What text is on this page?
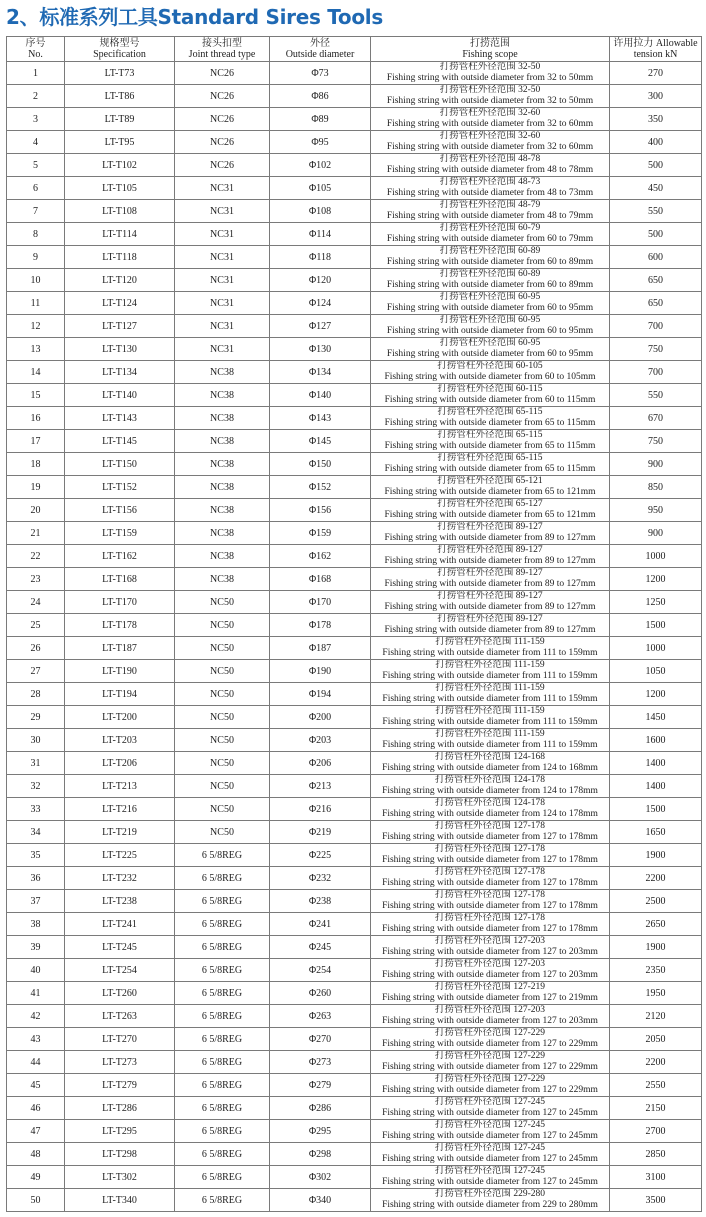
2、标准系列工具Standard Sires Tools
序号
No.	规格型号
Specification	接头扣型
Joint thread type	外径
Outside diameter	打捞范围
Fishing scope	许用拉力 Allowable
tension kN

1	LT-T73	NC26	Φ73	打捞管柱外径范围 32-50
Fishing string with outside diameter from 32 to 50mm	270
2	LT-T86	NC26	Φ86	打捞管柱外径范围 32-50
Fishing string with outside diameter from 32 to 50mm	300
3	LT-T89	NC26	Φ89	打捞管柱外径范围 32-60
Fishing string with outside diameter from 32 to 60mm	350
4	LT-T95	NC26	Φ95	打捞管柱外径范围 32-60
Fishing string with outside diameter from 32 to 60mm	400
5	LT-T102	NC26	Φ102	打捞管柱外径范围 48-78
Fishing string with outside diameter from 48 to 78mm	500
6	LT-T105	NC31	Φ105	打捞管柱外径范围 48-73
Fishing string with outside diameter from 48 to 73mm	450
7	LT-T108	NC31	Φ108	打捞管柱外径范围 48-79
Fishing string with outside diameter from 48 to 79mm	550
8	LT-T114	NC31	Φ114	打捞管柱外径范围 60-79
Fishing string with outside diameter from 60 to 79mm	500
9	LT-T118	NC31	Φ118	打捞管柱外径范围 60-89
Fishing string with outside diameter from 60 to 89mm	600
10	LT-T120	NC31	Φ120	打捞管柱外径范围 60-89
Fishing string with outside diameter from 60 to 89mm	650
11	LT-T124	NC31	Φ124	打捞管柱外径范围 60-95
Fishing string with outside diameter from 60 to 95mm	650
12	LT-T127	NC31	Φ127	打捞管柱外径范围 60-95
Fishing string with outside diameter from 60 to 95mm	700
13	LT-T130	NC31	Φ130	打捞管柱外径范围 60-95
Fishing string with outside diameter from 60 to 95mm	750
14	LT-T134	NC38	Φ134	打捞管柱外径范围 60-105
Fishing string with outside diameter from 60 to 105mm	700
15	LT-T140	NC38	Φ140	打捞管柱外径范围 60-115
Fishing string with outside diameter from 60 to 115mm	550
16	LT-T143	NC38	Φ143	打捞管柱外径范围 65-115
Fishing string with outside diameter from 65 to 115mm	670
17	LT-T145	NC38	Φ145	打捞管柱外径范围 65-115
Fishing string with outside diameter from 65 to 115mm	750
18	LT-T150	NC38	Φ150	打捞管柱外径范围 65-115
Fishing string with outside diameter from 65 to 115mm	900
19	LT-T152	NC38	Φ152	打捞管柱外径范围 65-121
Fishing string with outside diameter from 65 to 121mm	850
20	LT-T156	NC38	Φ156	打捞管柱外径范围 65-127
Fishing string with outside diameter from 65 to 121mm	950
21	LT-T159	NC38	Φ159	打捞管柱外径范围 89-127
Fishing string with outside diameter from 89 to 127mm	900
22	LT-T162	NC38	Φ162	打捞管柱外径范围 89-127
Fishing string with outside diameter from 89 to 127mm	1000
23	LT-T168	NC38	Φ168	打捞管柱外径范围 89-127
Fishing string with outside diameter from 89 to 127mm	1200
24	LT-T170	NC50	Φ170	打捞管柱外径范围 89-127
Fishing string with outside diameter from 89 to 127mm	1250
25	LT-T178	NC50	Φ178	打捞管柱外径范围 89-127
Fishing string with outside diameter from 89 to 127mm	1500
26	LT-T187	NC50	Φ187	打捞管柱外径范围 111-159
Fishing string with outside diameter from 111 to 159mm	1000
27	LT-T190	NC50	Φ190	打捞管柱外径范围 111-159
Fishing string with outside diameter from 111 to 159mm	1050
28	LT-T194	NC50	Φ194	打捞管柱外径范围 111-159
Fishing string with outside diameter from 111 to 159mm	1200
29	LT-T200	NC50	Φ200	打捞管柱外径范围 111-159
Fishing string with outside diameter from 111 to 159mm	1450
30	LT-T203	NC50	Φ203	打捞管柱外径范围 111-159
Fishing string with outside diameter from 111 to 159mm	1600
31	LT-T206	NC50	Φ206	打捞管柱外径范围 124-168
Fishing string with outside diameter from 124 to 168mm	1400
32	LT-T213	NC50	Φ213	打捞管柱外径范围 124-178
Fishing string with outside diameter from 124 to 178mm	1400
33	LT-T216	NC50	Φ216	打捞管柱外径范围 124-178
Fishing string with outside diameter from 124 to 178mm	1500
34	LT-T219	NC50	Φ219	打捞管柱外径范围 127-178
Fishing string with outside diameter from 127 to 178mm	1650
35	LT-T225	6 5/8REG	Φ225	打捞管柱外径范围 127-178
Fishing string with outside diameter from 127 to 178mm	1900
36	LT-T232	6 5/8REG	Φ232	打捞管柱外径范围 127-178
Fishing string with outside diameter from 127 to 178mm	2200
37	LT-T238	6 5/8REG	Φ238	打捞管柱外径范围 127-178
Fishing string with outside diameter from 127 to 178mm	2500
38	LT-T241	6 5/8REG	Φ241	打捞管柱外径范围 127-178
Fishing string with outside diameter from 127 to 178mm	2650
39	LT-T245	6 5/8REG	Φ245	打捞管柱外径范围 127-203
Fishing string with outside diameter from 127 to 203mm	1900
40	LT-T254	6 5/8REG	Φ254	打捞管柱外径范围 127-203
Fishing string with outside diameter from 127 to 203mm	2350
41	LT-T260	6 5/8REG	Φ260	打捞管柱外径范围 127-219
Fishing string with outside diameter from 127 to 219mm	1950
42	LT-T263	6 5/8REG	Φ263	打捞管柱外径范围 127-203
Fishing string with outside diameter from 127 to 203mm	2120
43	LT-T270	6 5/8REG	Φ270	打捞管柱外径范围 127-229
Fishing string with outside diameter from 127 to 229mm	2050
44	LT-T273	6 5/8REG	Φ273	打捞管柱外径范围 127-229
Fishing string with outside diameter from 127 to 229mm	2200
45	LT-T279	6 5/8REG	Φ279	打捞管柱外径范围 127-229
Fishing string with outside diameter from 127 to 229mm	2550
46	LT-T286	6 5/8REG	Φ286	打捞管柱外径范围 127-245
Fishing string with outside diameter from 127 to 245mm	2150
47	LT-T295	6 5/8REG	Φ295	打捞管柱外径范围 127-245
Fishing string with outside diameter from 127 to 245mm	2700
48	LT-T298	6 5/8REG	Φ298	打捞管柱外径范围 127-245
Fishing string with outside diameter from 127 to 245mm	2850
49	LT-T302	6 5/8REG	Φ302	打捞管柱外径范围 127-245
Fishing string with outside diameter from 127 to 245mm	3100
50	LT-T340	6 5/8REG	Φ340	打捞管柱外径范围 229-280
Fishing string with outside diameter from 229 to 280mm	3500
